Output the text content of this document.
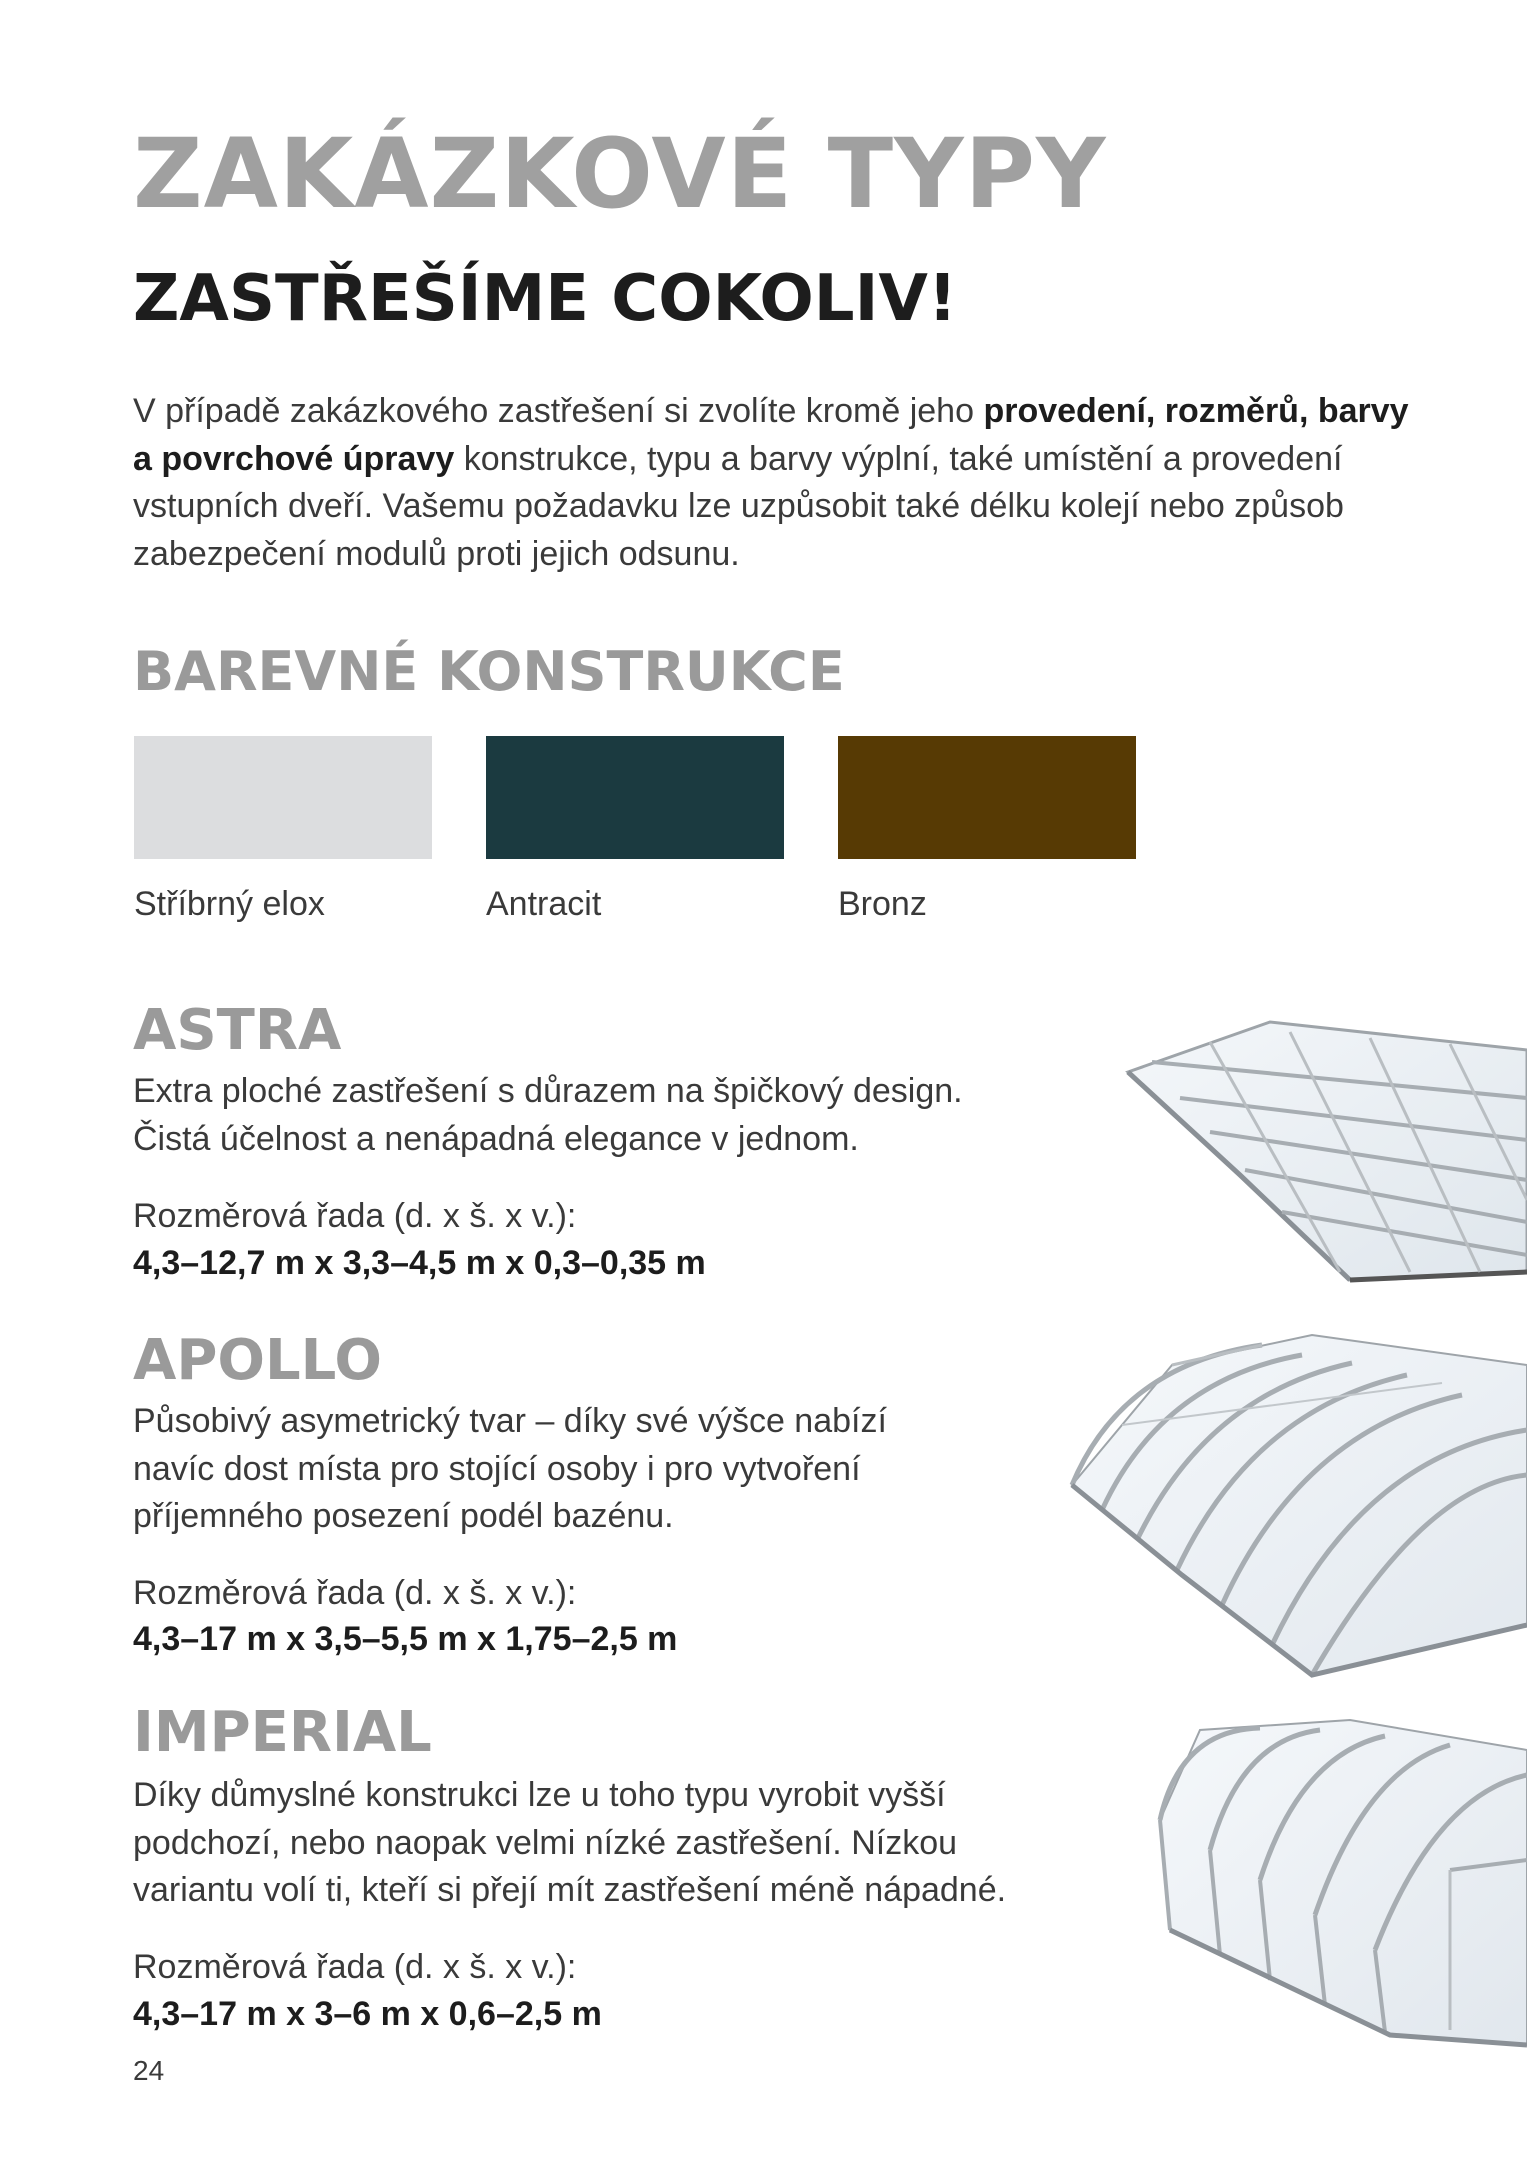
ZAKÁZKOVÉ TYPY
ZASTŘEŠÍME COKOLIV!

V případě zakázkového zastřešení si zvolíte kromě jeho provedení, rozměrů, barvy
a povrchové úpravy konstrukce, typu a barvy výplní, také umístění a provedení
vstupních dveří. Vašemu požadavku lze uzpůsobit také délku kolejí nebo způsob
zabezpečení modulů proti jejich odsunu.

BAREVNÉ KONSTRUKCE
Stříbrný elox	Antracit	Bronz
ASTRA

Extra ploché zastřešení s důrazem na špičkový design.
Čistá účelnost a nenápadná elegance v jednom.

Rozměrová řada (d. x š. x v.):
4,3–12,7 m x 3,3–4,5 m x 0,3–0,35 m
APOLLO

Působivý asymetrický tvar – díky své výšce nabízí
navíc dost místa pro stojící osoby i pro vytvoření
příjemného posezení podél bazénu.

Rozměrová řada (d. x š. x v.):
4,3–17 m x 3,5–5,5 m x 1,75–2,5 m
IMPERIAL

Díky důmyslné konstrukci lze u toho typu vyrobit vyšší
podchozí, nebo naopak velmi nízké zastřešení. Nízkou
variantu volí ti, kteří si přejí mít zastřešení méně nápadné.

Rozměrová řada (d. x š. x v.):
4,3–17 m x 3–6 m x 0,6–2,5 m
24
